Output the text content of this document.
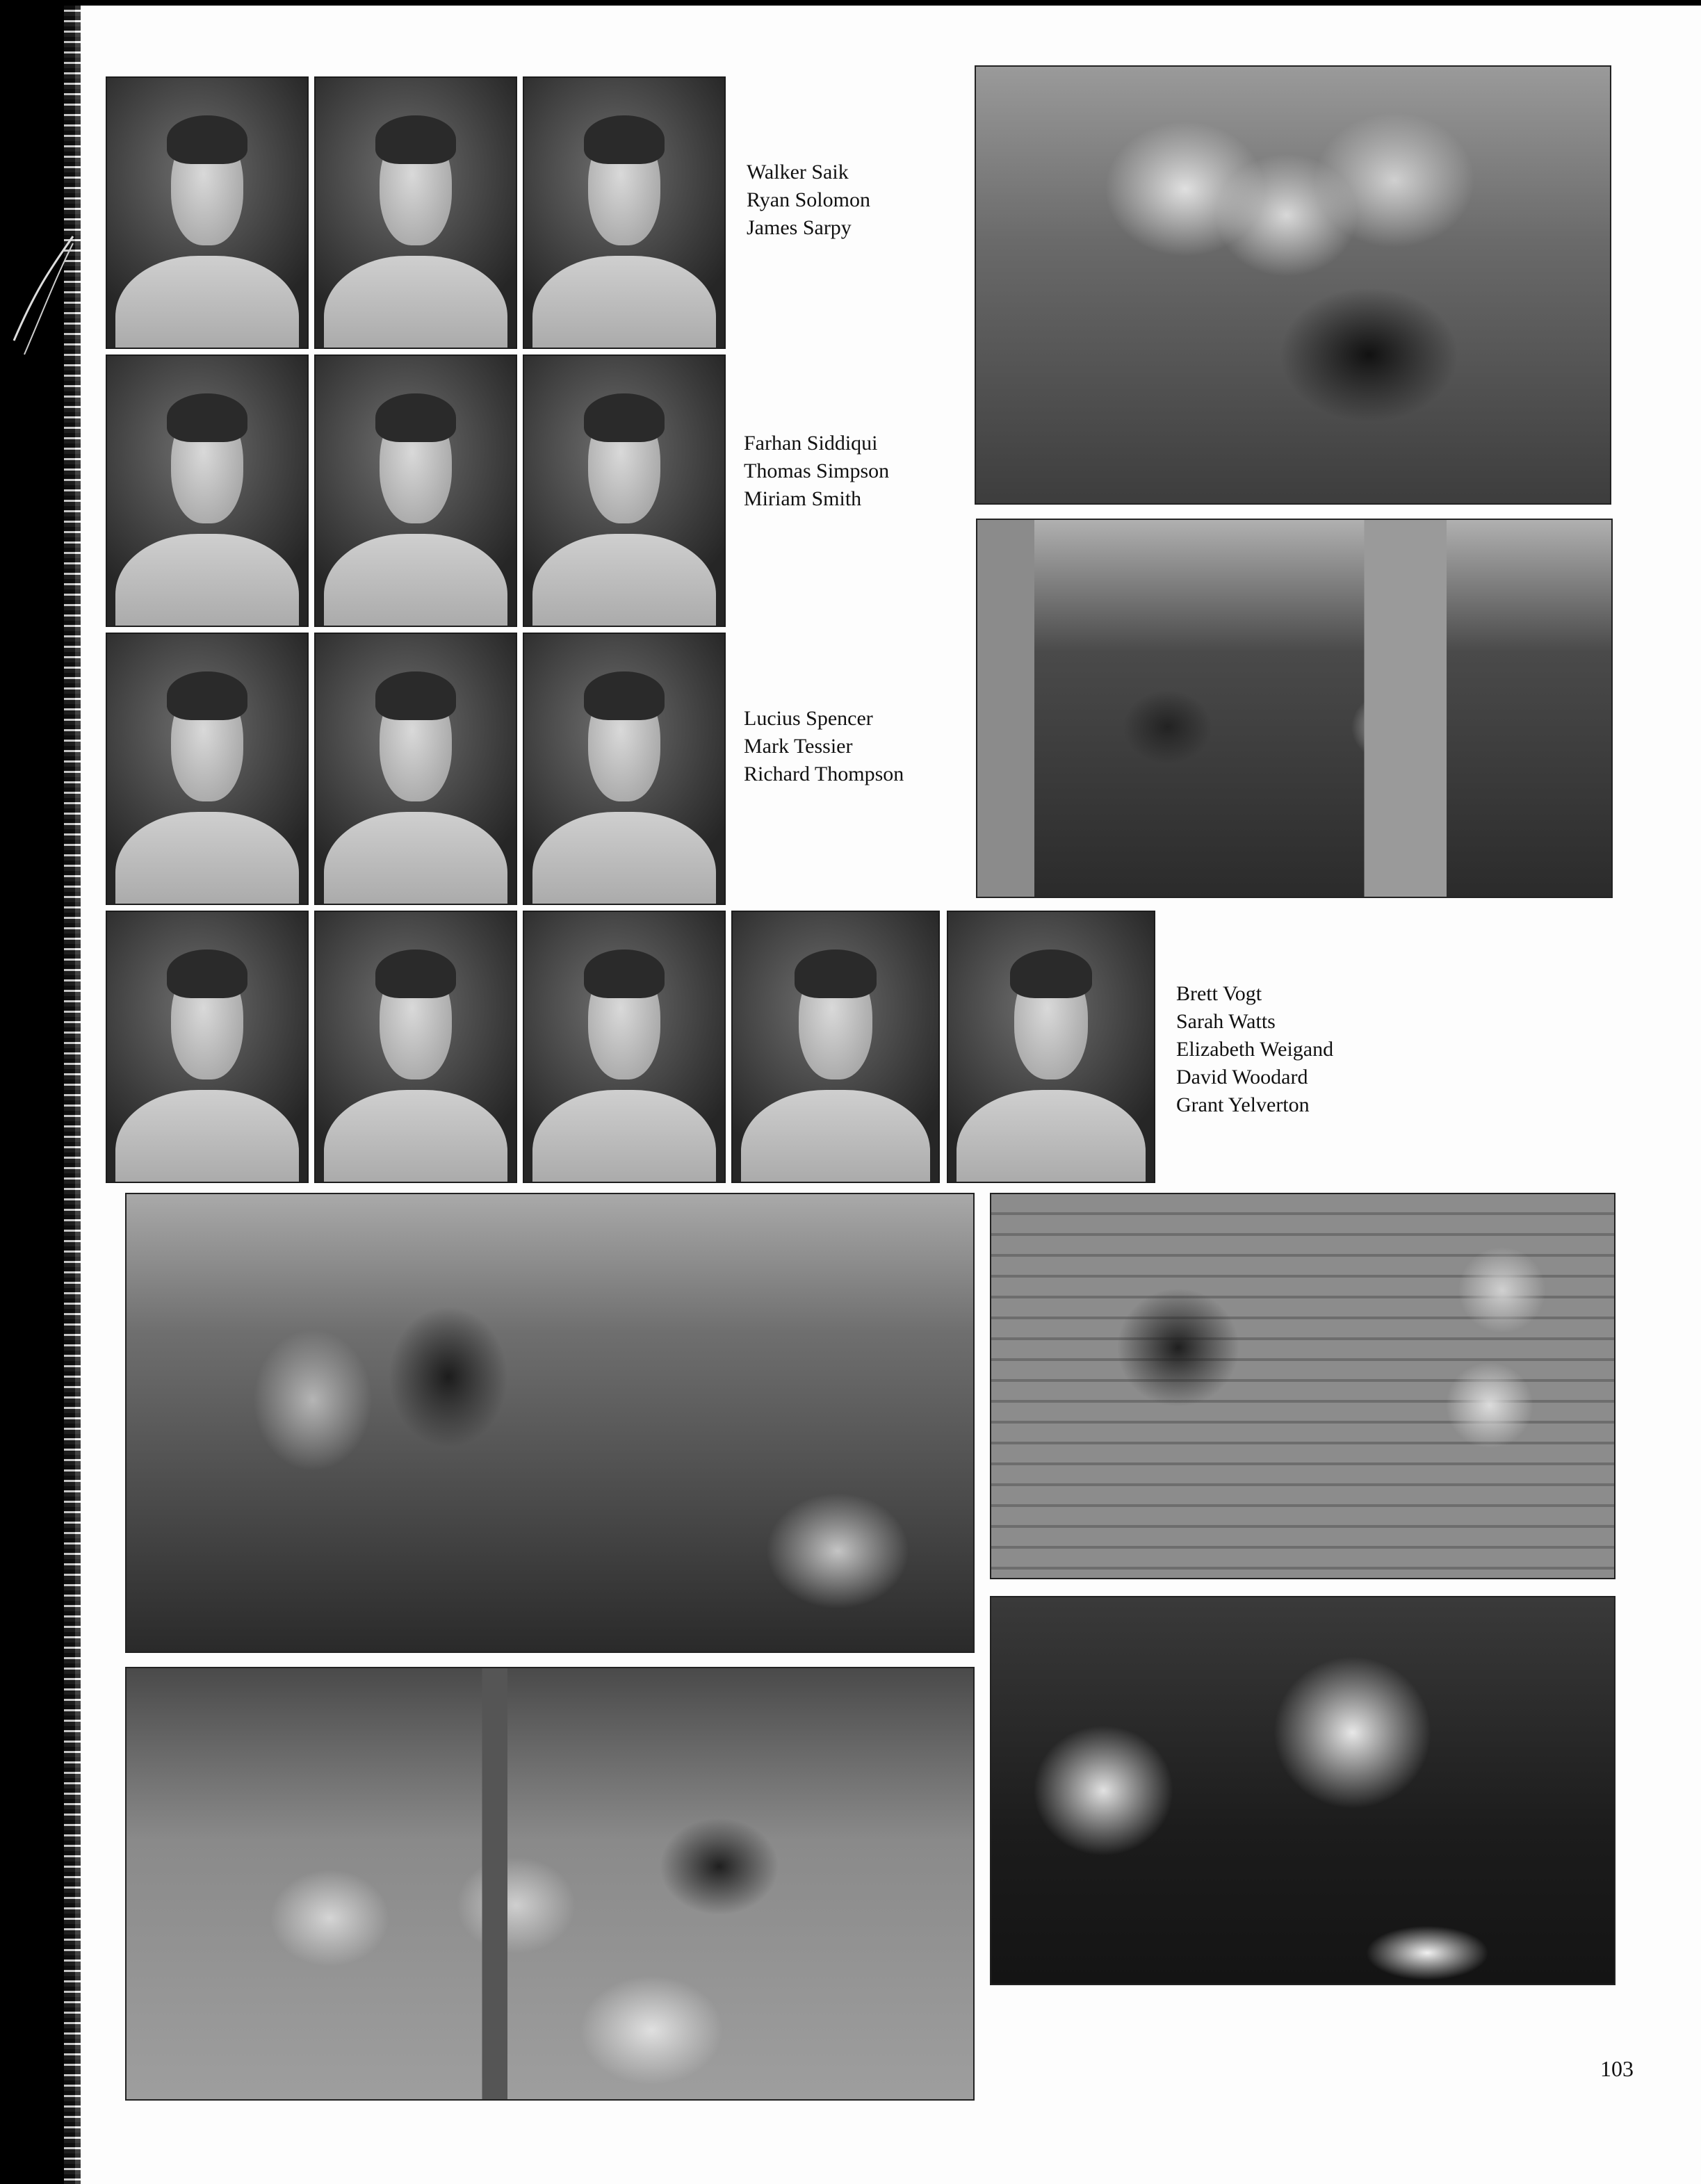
Walker Saik
Ryan Solomon
James Sarpy
Farhan Siddiqui
Thomas Simpson
Miriam Smith
Lucius Spencer
Mark Tessier
Richard Thompson
Brett Vogt
Sarah Watts
Elizabeth Weigand
David Woodard
Grant Yelverton
103
